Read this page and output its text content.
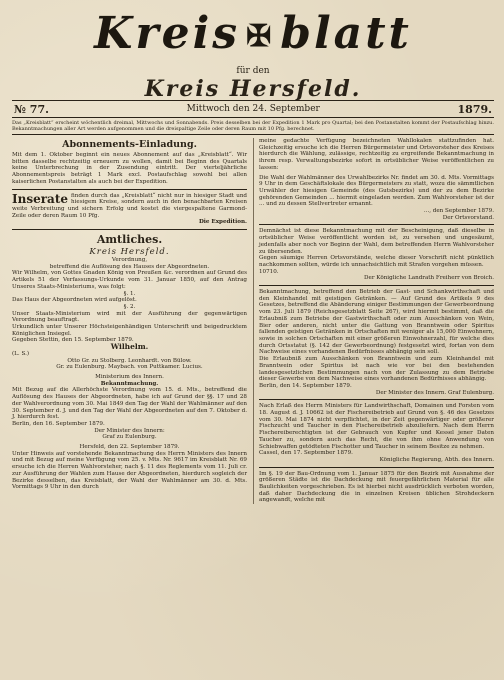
Kreis ✠ blatt
für den
Kreis Hersfeld.
№ 77.	Mittwoch den 24. September	1879.
Das „Kreisblatt“ erscheint wöchentlich dreimal, Mittwochs und Sonnabends. Preis desselben bei der Expedition 1 Mark pro Quartal; bei den Postanstalten kommt der Postaufschlag hinzu. Bekanntmachungen aller Art werden aufgenommen und die dreispaltige Zeile oder deren Raum mit 10 Pfg. berechnet.
Abonnements-Einladung.

Mit dem 1. Oktober beginnt ein neues Abonnement auf das „Kreisblatt“. Wir bitten dasselbe rechtzeitig erneuern zu wollen, damit bei Beginn des Quartals keine Unterbrechung in der Zusendung eintritt. Der vierteljährliche Abonnementspreis beträgt 1 Mark excl. Postaufschlag sowohl bei allen kaiserlichen Postanstalten als auch bei der Expedition.

Inserate finden durch das „Kreisblatt“ nicht nur in hiesiger Stadt und hiesigem Kreise, sondern auch in den benachbarten Kreisen weite Verbreitung und sichern Erfolg und kostet die viergespaltene Garmond-Zeile oder deren Raum 10 Pfg.

Die Expedition.

Amtliches.
Kreis Hersfeld.

Verordnung,

betreffend die Auflösung des Hauses der Abgeordneten.

Wir Wilhelm, von Gottes Gnaden König von Preußen &c. verordnen auf Grund des Artikels 51 der Verfassungs-Urkunde vom 31. Januar 1850, auf den Antrag Unseres Staats-Ministeriums, was folgt:

§. 1.

Das Haus der Abgeordneten wird aufgelöst.

§. 2.

Unser Staats-Ministerium wird mit der Ausführung der gegenwärtigen Verordnung beauftragt.

Urkundlich unter Unserer Höchsteigenhändigen Unterschrift und beigedrucktem Königlichen Insiegel.

Gegeben Stettin, den 15. September 1879.

Wilhelm.

(L. S.)

Otto Gr. zu Stolberg. Leonhardt. von Bülow.

Gr. zu Eulenburg. Maybach. von Puttkamer. Lucius.

Ministerium des Innern.

Bekanntmachung.

Mit Bezug auf die Allerhöchste Verordnung vom 15. d. Mts., betreffend die Auflösung des Hauses der Abgeordneten, habe ich auf Grund der §§. 17 und 28 der Wahlverordnung vom 30. Mai 1849 den Tag der Wahl der Wahlmänner auf den 30. September d. J. und den Tag der Wahl der Abgeordneten auf den 7. Oktober d. J. hierdurch fest.

Berlin, den 16. September 1879.

Der Minister des Innern:

Graf zu Eulenburg.

Hersfeld, den 22. September 1879.

Unter Hinweis auf vorstehende Bekanntmachung des Herrn Ministers des Innern und mit Bezug auf meine Verfügung vom 25. v. Mts. Nr. 9617 im Kreisblatt Nr. 69 ersuche ich die Herren Wahlvorsteher, nach §. 11 des Reglements vom 11. Juli cr. zur Ausführung der Wahlen zum Hause der Abgeordneten, hierdurch sogleich der Bezirke desselben, das Kreisblatt, der Wahl der Wahlmänner am 30. d. Mts. Vormittags 9 Uhr in den durch

meine gedachte Verfügung bezeichneten Wahllokalen stattzufinden hat. Gleichzeitig ersuche ich die Herren Bürgermeister und Ortsvorsteher des Kreises hierdurch die Wählung, zulässige, rechtzeitig zu ergreifende Bekanntmachung in ihrem resp. Verwaltungsbezirke sofort in ortsüblicher Weise veröffentlichen zu lassen:

Die Wahl der Wahlmänner des Urwahlbezirks Nr. findet am 30. d. Mts. Vormittags 9 Uhr in dem Geschäftslokale des Bürgermeisters zu statt, wozu die sämmtlichen Urwähler der hiesigen Gemeinde (des Gutsbezirks) und der zu dem Bezirke gehörenden Gemeinden ... hiermit eingeladen werden. Zum Wahlvorsteher ist der ... und zu dessen Stellvertreter ernannt.

..., den September 1879.

Der Ortsvorstand.

Demnächst ist diese Bekanntmachung mit der Bescheinigung, daß dieselbe in ortsüblicher Weise veröffentlicht worden ist, zu versehen und ungesäumt, jedenfalls aber noch vor Beginn der Wahl, dem betreffenden Herrn Wahlvorsteher zu übersenden.

Gegen säumige Herren Ortsvorstände, welche dieser Vorschrift nicht pünktlich nachkommen sollten, würde ich unnachsichtlich mit Strafen vorgehen müssen.

10710.

Der Königliche Landrath Freiherr von Broich.

Bekanntmachung, betreffend den Betrieb der Gast- und Schankwirthschaft und den Kleinhandel mit geistigen Getränken. — Auf Grund des Artikels 9 des Gesetzes, betreffend die Abänderung einiger Bestimmungen der Gewerbeordnung vom 23. Juli 1879 (Reichsgesetzblatt Seite 267), wird hiermit bestimmt, daß die Erlaubniß zum Betriebe der Gastwirthschaft oder zum Ausschänken von Wein, Bier oder anderen, nicht unter die Gattung von Branntwein oder Spiritus fallenden geistigen Getränken in Ortschaften mit weniger als 15,000 Einwohnern, sowie in solchen Ortschaften mit einer größeren Einwohnerzahl, für welche dies durch Ortsstatut (§. 142 der Gewerbeordnung) festgesetzt wird, fortan von dem Nachweise eines vorhandenen Bedürfnisses abhängig sein soll.

Die Erlaubniß zum Ausschänken von Branntwein und zum Kleinhandel mit Branntwein oder Spiritus ist nach wie vor bei den bestehenden landesgesetzlichen Bestimmungen nach von der Zulassung zu dem Betriebe dieser Gewerbe von dem Nachweise eines vorhandenen Bedürfnisses abhängig.

Berlin, den 14. September 1879.

Der Minister des Innern. Graf Eulenburg.

Nach Erlaß des Herrn Ministers für Landwirthschaft, Domainen und Forsten vom 18. August d. J. 10662 ist der Fischereibetrieb auf Grund von §. 46 des Gesetzes vom 30. Mai 1874 nicht verpflichtet, in der Zeit gegenwärtiger oder größerer Fischzucht und Taucher in den Fischereibetrieb abzuliefern. Nach dem Herrn Fischereiberechtigten ist der Gebrauch von Kupfer und Kessel jener Daten Taucher zu, sondern auch das Recht, die von ihm ohne Anwendung von Schiebwaffen getödteten Fischotter und Taucher in seinem Besitze zu nehmen.

Cassel, den 17. September 1879.

Königliche Regierung, Abth. des Innern.

Im §. 19 der Bau-Ordnung vom 1. Januar 1875 für den Bezirk mit Ausnahme der größeren Städte ist die Dachdeckung mit feuergefährlichen Material für alle Baulichkeiten vorgeschrieben. Es ist hierbei nicht ausdrücklich verboten worden, daß daher Dachdeckung die in einzelnen Kreisen üblichen Strohdeckern angewandt, welche mit
